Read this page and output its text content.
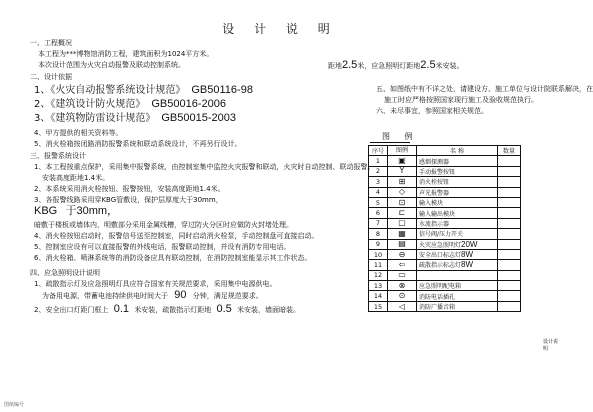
设 计 说 明
一、工程概况
本工程为***博物馆消防工程，建筑面积为1024平方米。
本次设计范围为火灾自动报警及联动控制系统。
二、设计依据
1、《火灾自动报警系统设计规范》 GB50116-98
2、《建筑设计防火规范》 GB50016-2006
3、《建筑物防雷设计规范》 GB50015-2003
4、甲方提供的相关资料等。
5、消火栓箱按闭路消防报警系统和联动系统设计，不再另行设计。
三、报警系统设计
1、本工程按重点保护，采用集中报警系统，由控制室集中监控火灾报警和联动，火灾时自动控制、联动报警。
安装高度距地1.4米。
2、本系统采用消火栓按钮、报警按钮，安装高度距地1.4米。
3、各报警线路采用穿KBG管敷设，保护层厚度大于30mm，
KBG 于30mm，
暗敷于楼板或墙体内，明敷部分采用金属线槽，穿过防火分区时应做防火封堵处理。
4、消火栓按钮启动时，报警信号送至控制室，同时启动消火栓泵，手动控制盘可直接启动。
5、控制室应设有可以直接报警的外线电话，报警联动控制，并设有消防专用电话。
6、消火栓箱、喷淋系统等的消防设备应具有联动控制，在消防控制室能显示其工作状态。
四、应急照明设计说明
1、疏散指示灯及应急照明灯具应符合国家有关规范要求，采用集中电源供电。
为备用电源，带蓄电池持续供电时间大于 90 分钟，满足规范要求。
2、安全出口灯距门框上 0.1 米安装，疏散指示灯距地 0.5 米安装，墙面暗装。
距地2.5米，应急照明灯距地2.5米安装。
五、如图纸中有不详之处，请建设方、施工单位与设计院联系解决，在
施工时应严格按照国家现行施工及验收规范执行。
六、未尽事宜，参照国家相关规范。
图 例
序号	图例	名 称	数量
1	▣	感烟探测器	
2	Y	手动报警按钮	
3	⊞	消火栓按钮	
4	◇	声光报警器	
5	⊡	输入模块	
6	⊏	输入输出模块	
7	▢	水流指示器	
8	▦	信号阀/压力开关	
9	▤	火灾应急照明灯20W	
10	⊖	安全出口标志灯8W	
11	⇦	疏散指示标志灯8W	
12	▭		
13	⊗	应急照明配电箱	
14	⊙	消防电话插孔	
15	◁	消防广播音箱	
设计说明
图纸编号
